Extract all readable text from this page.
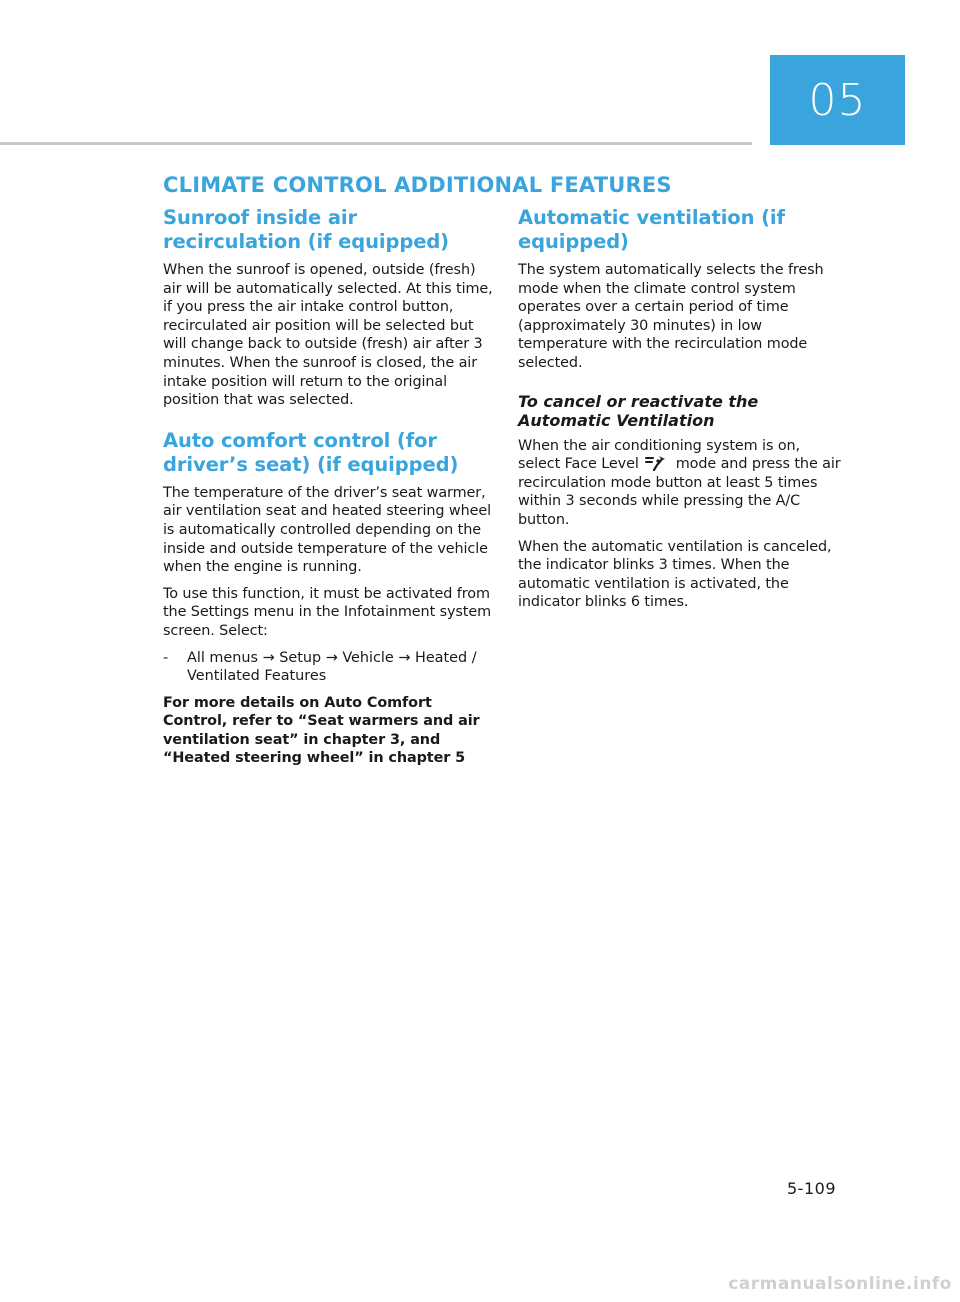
05
CLIMATE CONTROL ADDITIONAL FEATURES
Sunroof inside air recirculation (if equipped)

When the sunroof is opened, outside (fresh) air will be automatically selected. At this time, if you press the air intake control button, recirculated air position will be selected but will change back to outside (fresh) air after 3 minutes. When the sunroof is closed, the air intake position will return to the original position that was selected.

Auto comfort control (for driver’s seat) (if equipped)

The temperature of the driver’s seat warmer, air ventilation seat and heated steering wheel is automatically controlled depending on the inside and outside temperature of the vehicle when the engine is running.

To use this function, it must be activated from the Settings menu in the Infotainment system screen. Select:

-	All menus → Setup → Vehicle → Heated / Ventilated Features

For more details on Auto Comfort Control, refer to “Seat warmers and air ventilation seat” in chapter 3, and “Heated steering wheel” in chapter 5

Automatic ventilation (if equipped)

The system automatically selects the fresh mode when the climate control system operates over a certain period of time (approximately 30 minutes) in low temperature with the recirculation mode selected.

To cancel or reactivate the Automatic Ventilation

When the air conditioning system is on, select Face Level  mode and press the air recirculation mode button at least 5 times within 3 seconds while pressing the A/C button.

When the automatic ventilation is canceled, the indicator blinks 3 times. When the automatic ventilation is activated, the indicator blinks 6 times.

5-109
carmanualsonline.info
